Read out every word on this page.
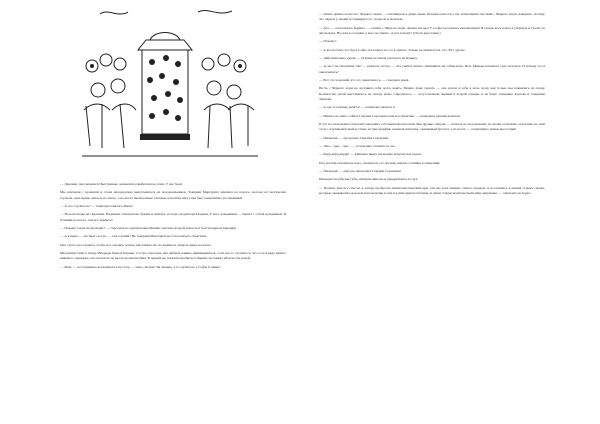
— Девочки, просыпаемся! Быстренько одеваемся и выбегаем на плац. У нас беда!

Мы вскочили с кроватей и стали лихорадочно выпутываться из пододеяльников. Товарищ Маргарита маячила на пороге, волосы её хаотически торчали, одна прядь свисала на плечо, а на ногах были разные тапочки, и вообще вид у неё был совершенно растерянный.

— А что случилось? — поинтересовалась Маша.

— На разговоры нет времени. Надеваем обязательно брюки и свитера, погода сегодня прохладная. У кого дождевики — берите с собой дождевики. И ботинки на ногах, там все увидите!

— Почему торги не проходят? — спросила но одной ножке Машка, пытаясь второй попасть в болтающуюся брючину.

— А я верю, — встряла сестра, — там Сланик? Не товарищ Маргарита не стала ничего объяснять.

Она строго проследила, чтобы все оделись теплее, выставила нас из домика и заперла дверь на ключ.

Мы припустили к плацу. Впереди бежала Карина. Сестра спросила, как любила наивно прикидываться, если где-то случилось, что-то и в ряду ничего никакого серьёзного не оказалась на месте происшествия. В первой же попытке пробиться Дарина заставила уйти вести домой.

— Мам, — восторженно восклицала в пустоту, — мам, смотри! Ты знаешь, что случилось у Софы Сланик?

— Опять принесла вести с Чёрного моря! — откликнулась дверь мама. Похоже новости у нас нахватывает вестями с Чёрного моря, наверное, потому, что чёрное у людей ассоциируется с трауром и печалью.

— Ага, — согласилась Карина, — слепил с Чёрного моря, чёрная погода! У Софы засорилась канализация! И теперь весь поход в уборную и туалет на автовокзал. Ну, или к соседям, у кого не занято. А все почему? (Гнала крестовая.)

— Почему?

— А все потому, что брат Софы захлопнул что-то в унитаз. Только не признается, что. Вот дурак!

— Действительно дурак. — И мама не мигая смотрела на Карину.

— А чего ты смотришь так? — кричала сестра. — Я в унитаз ничего запихивать не собиралась. Вон, Манька поломала туда засунула. И почему это я закончилась?

— Вот это хороший, что это закончилось, — говорила мама.

Весть с Чёрного моря не заставила себя долго ждать. Можно даже сказать — она дошла и себе в ночь сразу, как только мы появились на плацу. Количество детей выставилось на лагерь резко сократилось — отсутствовали первый и второй отряды, и не было товарища Торгова и товарища Тернена.

— А где остальные ребята? — поинтересовалась я.

— Ничего не знаю, сейчас Гаргени Сергеевич нам все объяснит, — разводила руками вожатая.

И тут на плац вышел Гаргени Сергеевич собственной персоной. Мы дружно ахнули — сначала не подозревали, но позже отметили, отчетливо не зная этого: огромный белый костюм, на шее шарфик, кожаная перчатка, оранжевый браслет, а на ногах — совершенно новые кроссовки!

— Пионеры! — прогремел Гаргени Сергеевич.

— Эры... эры... эры... — услужливо отозвалось эхо.

— Карр-карр-каррр! — взвились вверх несколько вспугнутых ворон.

Под ногами захлюпала вода, захлюпала сто ногами, внятно стоящих в ожидании.

— Пионеры! — еще раз прогремел Гаргени Сергеевич.

Пионеры подобрали губы, втянули животы и превратились в слух.

— Почему, вам все спасли, в лагерь пробрался капиталистический враг. Он нас всех наивно считал отрядом, и поселились в наших старых сараях, которые оказывались кое-кем используемы к тем и к ним приспособлены, и наши старые вожатые были ими окружены, — закончил он бодро.
